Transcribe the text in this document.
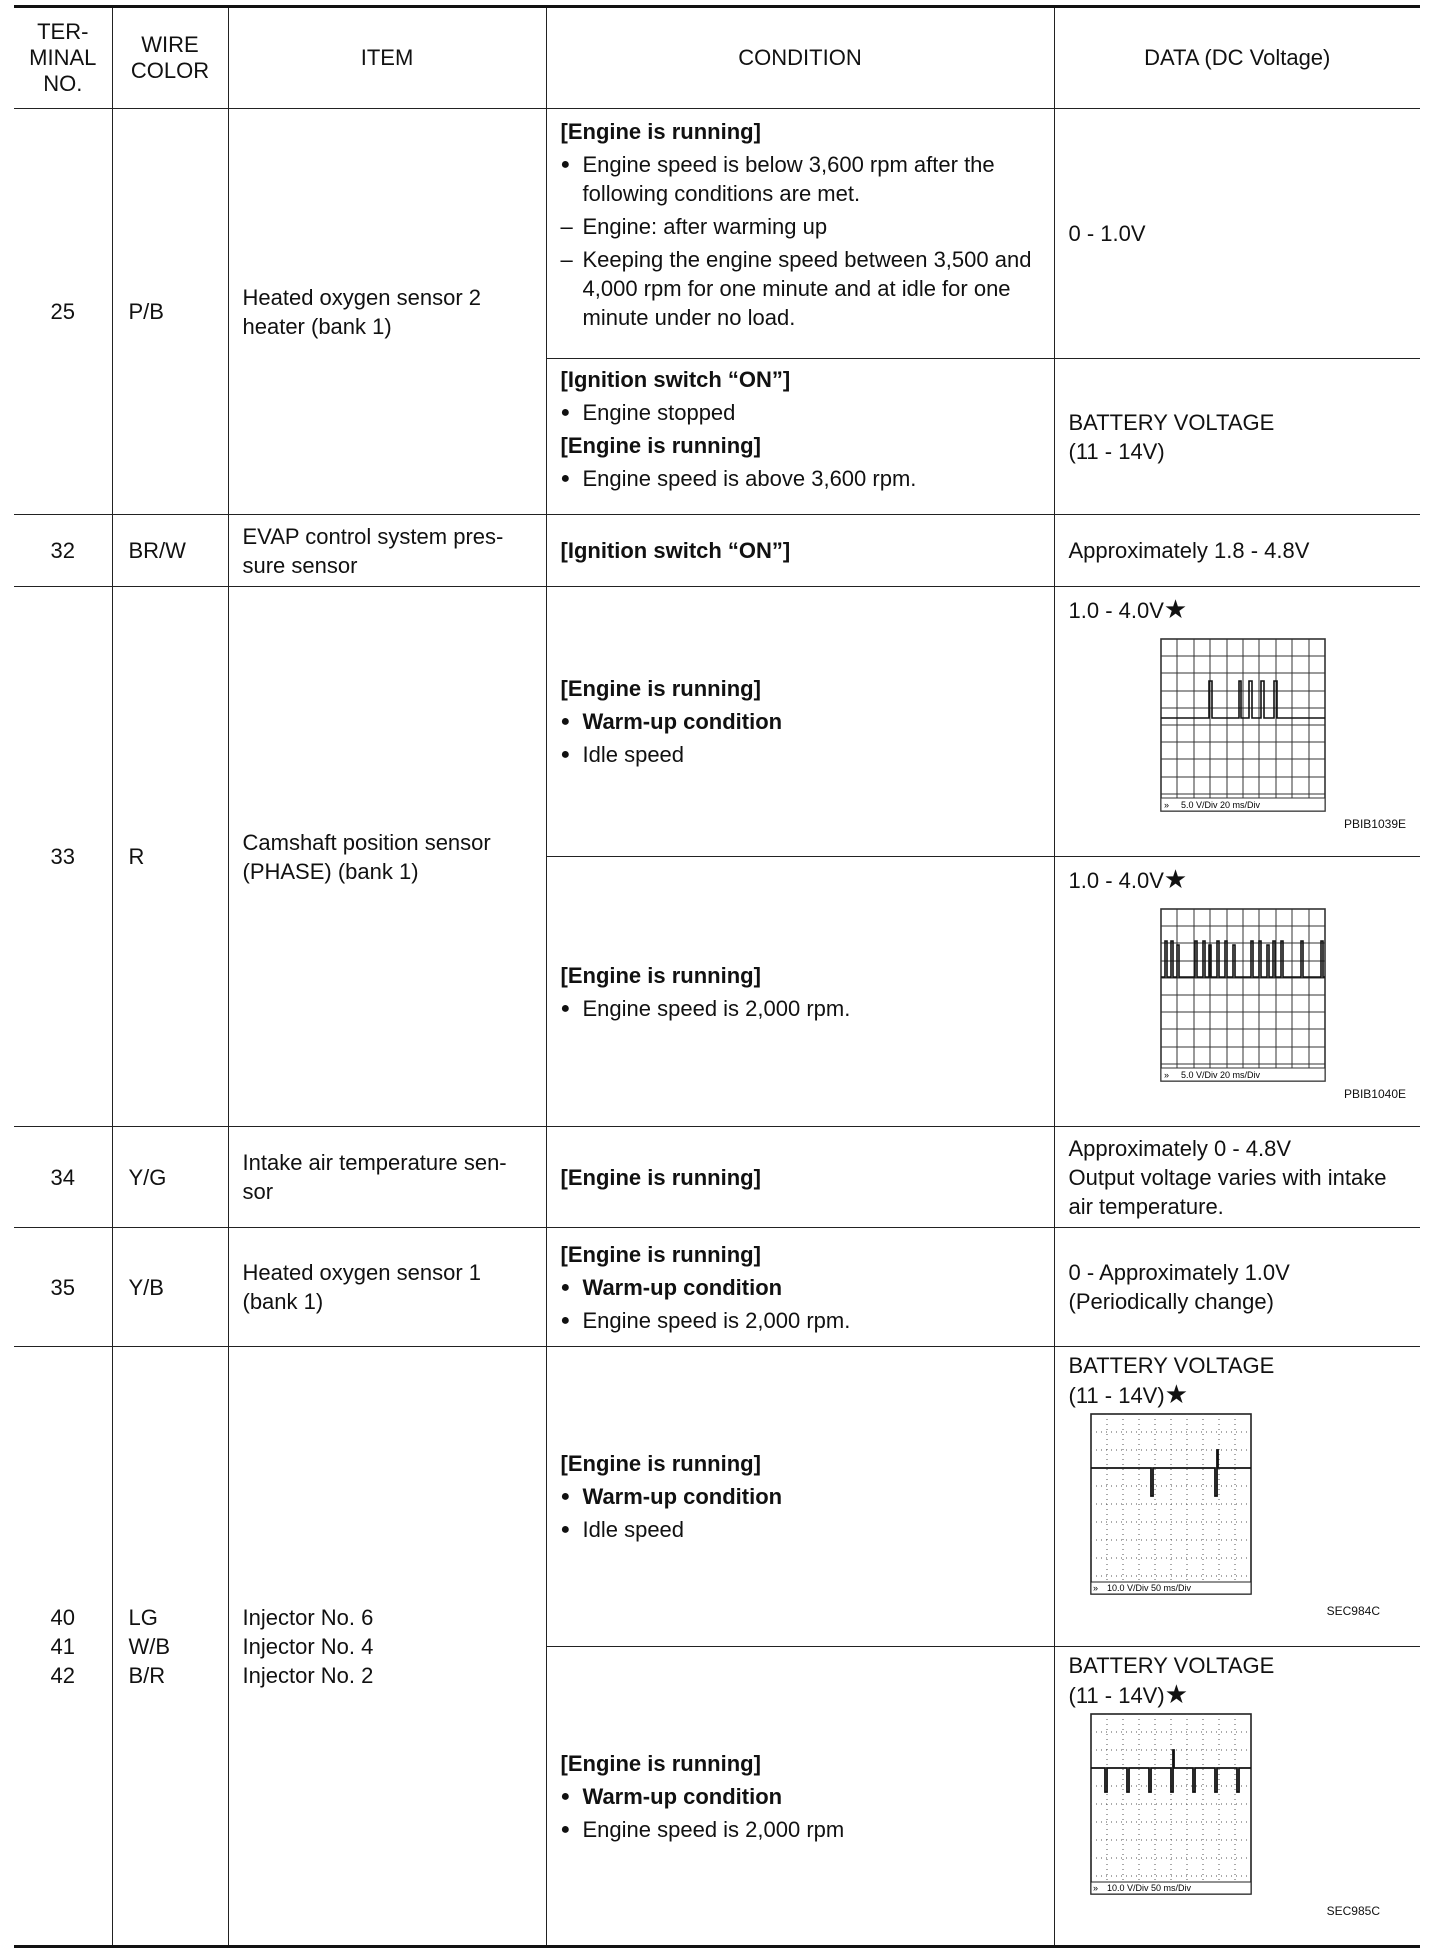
TER-
MINAL
NO.	WIRE
COLOR	ITEM	CONDITION	DATA (DC Voltage)
25	P/B	Heated oxygen sensor 2
heater (bank 1)	[Engine is running]
● Engine speed is below 3,600 rpm after the following conditions are met.
– Engine: after warming up
– Keeping the engine speed between 3,500 and 4,000 rpm for one minute and at idle for one minute under no load.	0 - 1.0V

			[Ignition switch “ON”]
● Engine stopped
[Engine is running]
● Engine speed is above 3,600 rpm.	BATTERY VOLTAGE
(11 - 14V)

32	BR/W	EVAP control system pres-
sure sensor	[Ignition switch “ON”]	Approximately 1.8 - 4.8V
33	R	Camshaft position sensor
(PHASE) (bank 1)	[Engine is running]
● Warm-up condition
● Idle speed	1.0 - 4.0V★
» 5.0 V/Div 20 ms/Div
PBIB1039E

			[Engine is running]
● Engine speed is 2,000 rpm.	1.0 - 4.0V★
» 5.0 V/Div 20 ms/Div
PBIB1040E

34	Y/G	Intake air temperature sen-
sor	[Engine is running]	Approximately 0 - 4.8V
Output voltage varies with intake
air temperature.

35	Y/B	Heated oxygen sensor 1
(bank 1)	[Engine is running]
● Warm-up condition
● Engine speed is 2,000 rpm.	0 - Approximately 1.0V
(Periodically change)

40
41
42	LG
W/B
B/R	Injector No. 6
Injector No. 4
Injector No. 2	[Engine is running]
● Warm-up condition
● Idle speed	BATTERY VOLTAGE
(11 - 14V)★
» 10.0 V/Div 50 ms/Div
SEC984C

			[Engine is running]
● Warm-up condition
● Engine speed is 2,000 rpm	BATTERY VOLTAGE
(11 - 14V)★
» 10.0 V/Div 50 ms/Div
SEC985C
